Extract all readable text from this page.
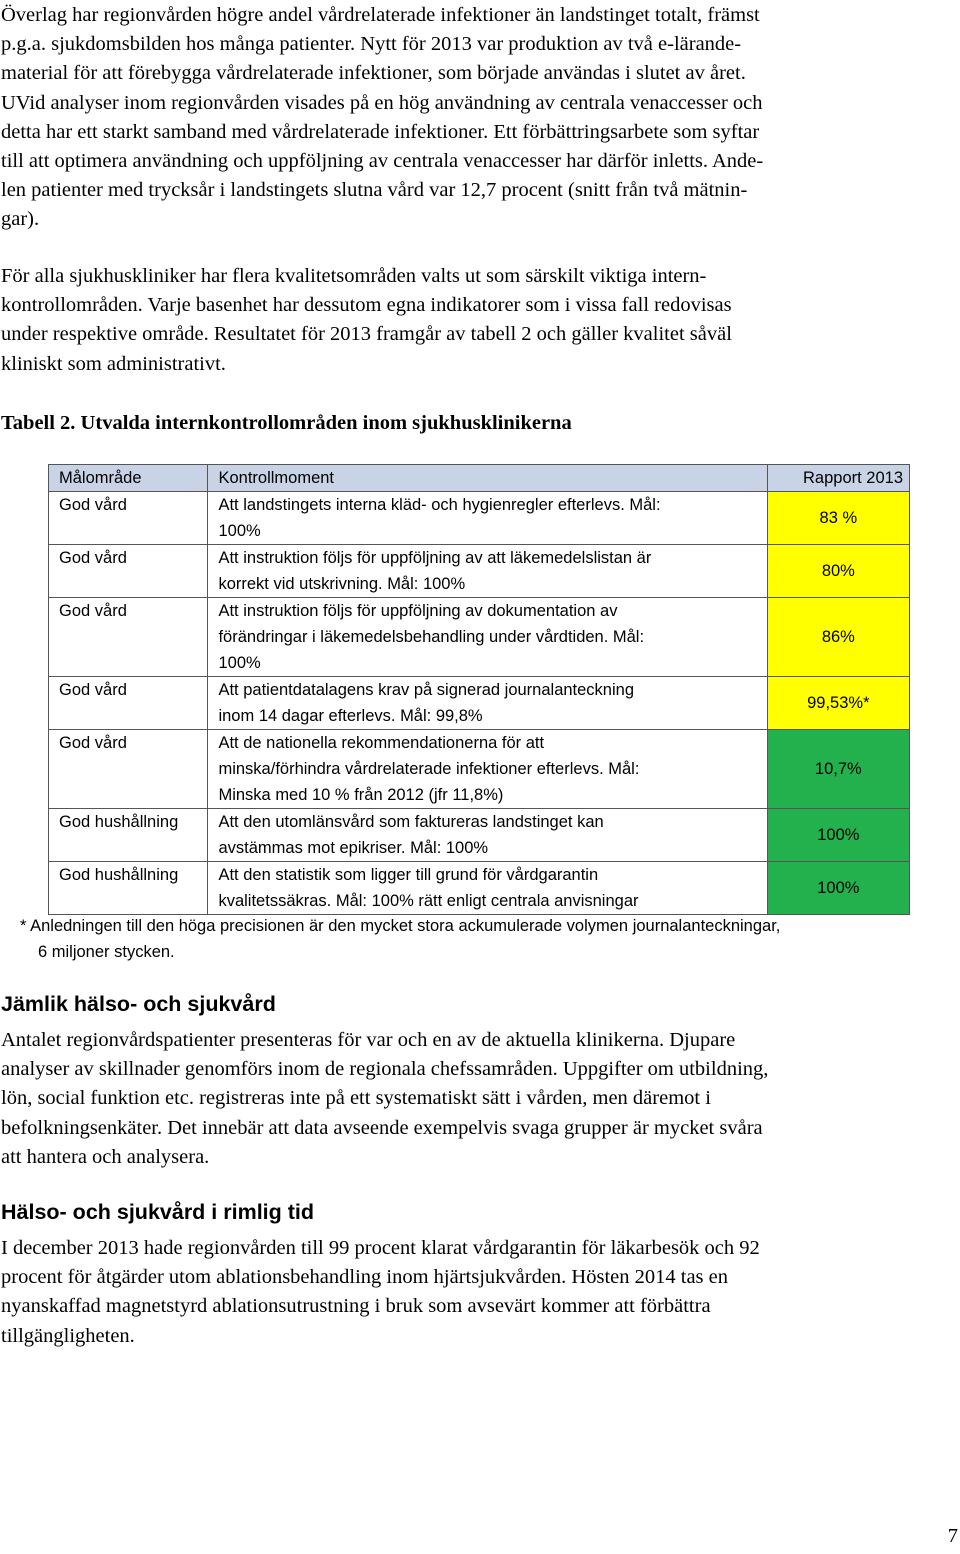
Överlag har regionvården högre andel vårdrelaterade infektioner än landstinget totalt, främst
p.g.a. sjukdomsbilden hos många patienter. Nytt för 2013 var produktion av två e-lärande-
material för att förebygga vårdrelaterade infektioner, som började användas i slutet av året.
UVid analyser inom regionvården visades på en hög användning av centrala venaccesser och
detta har ett starkt samband med vårdrelaterade infektioner. Ett förbättringsarbete som syftar
till att optimera användning och uppföljning av centrala venaccesser har därför inletts. Ande-
len patienter med trycksår i landstingets slutna vård var 12,7 procent (snitt från två mätnin-
gar).

För alla sjukhuskliniker har flera kvalitetsområden valts ut som särskilt viktiga intern-
kontrollområden. Varje basenhet har dessutom egna indikatorer som i vissa fall redovisas
under respektive område. Resultatet för 2013 framgår av tabell 2 och gäller kvalitet såväl
kliniskt som administrativt.

Tabell 2. Utvalda internkontrollområden inom sjukhusklinikerna

Målområde	Kontrollmoment	Rapport 2013
God vård	Att landstingets interna kläd- och hygienregler efterlevs. Mål:
100%	83 %
God vård	Att instruktion följs för uppföljning av att läkemedelslistan är
korrekt vid utskrivning. Mål: 100%	80%
God vård	Att instruktion följs för uppföljning av dokumentation av
förändringar i läkemedelsbehandling under vårdtiden. Mål:
100%	86%
God vård	Att patientdatalagens krav på signerad journalanteckning
inom 14 dagar efterlevs. Mål: 99,8%	99,53%*
God vård	Att de nationella rekommendationerna för att
minska/förhindra vårdrelaterade infektioner efterlevs. Mål:
Minska med 10 % från 2012 (jfr 11,8%)	10,7%
God hushållning	Att den utomlänsvård som faktureras landstinget kan
avstämmas mot epikriser. Mål: 100%	100%
God hushållning	Att den statistik som ligger till grund för vårdgarantin
kvalitetssäkras. Mål: 100% rätt enligt centrala anvisningar	100%

* Anledningen till den höga precisionen är den mycket stora ackumulerade volymen journalanteckningar,
6 miljoner stycken.

Jämlik hälso- och sjukvård

Antalet regionvårdspatienter presenteras för var och en av de aktuella klinikerna. Djupare
analyser av skillnader genomförs inom de regionala chefssamråden. Uppgifter om utbildning,
lön, social funktion etc. registreras inte på ett systematiskt sätt i vården, men däremot i
befolkningsenkäter. Det innebär att data avseende exempelvis svaga grupper är mycket svåra
att hantera och analysera.

Hälso- och sjukvård i rimlig tid

I december 2013 hade regionvården till 99 procent klarat vårdgarantin för läkarbesök och 92
procent för åtgärder utom ablationsbehandling inom hjärtsjukvården. Hösten 2014 tas en
nyanskaffad magnetstyrd ablationsutrustning i bruk som avsevärt kommer att förbättra
tillgängligheten.

7
